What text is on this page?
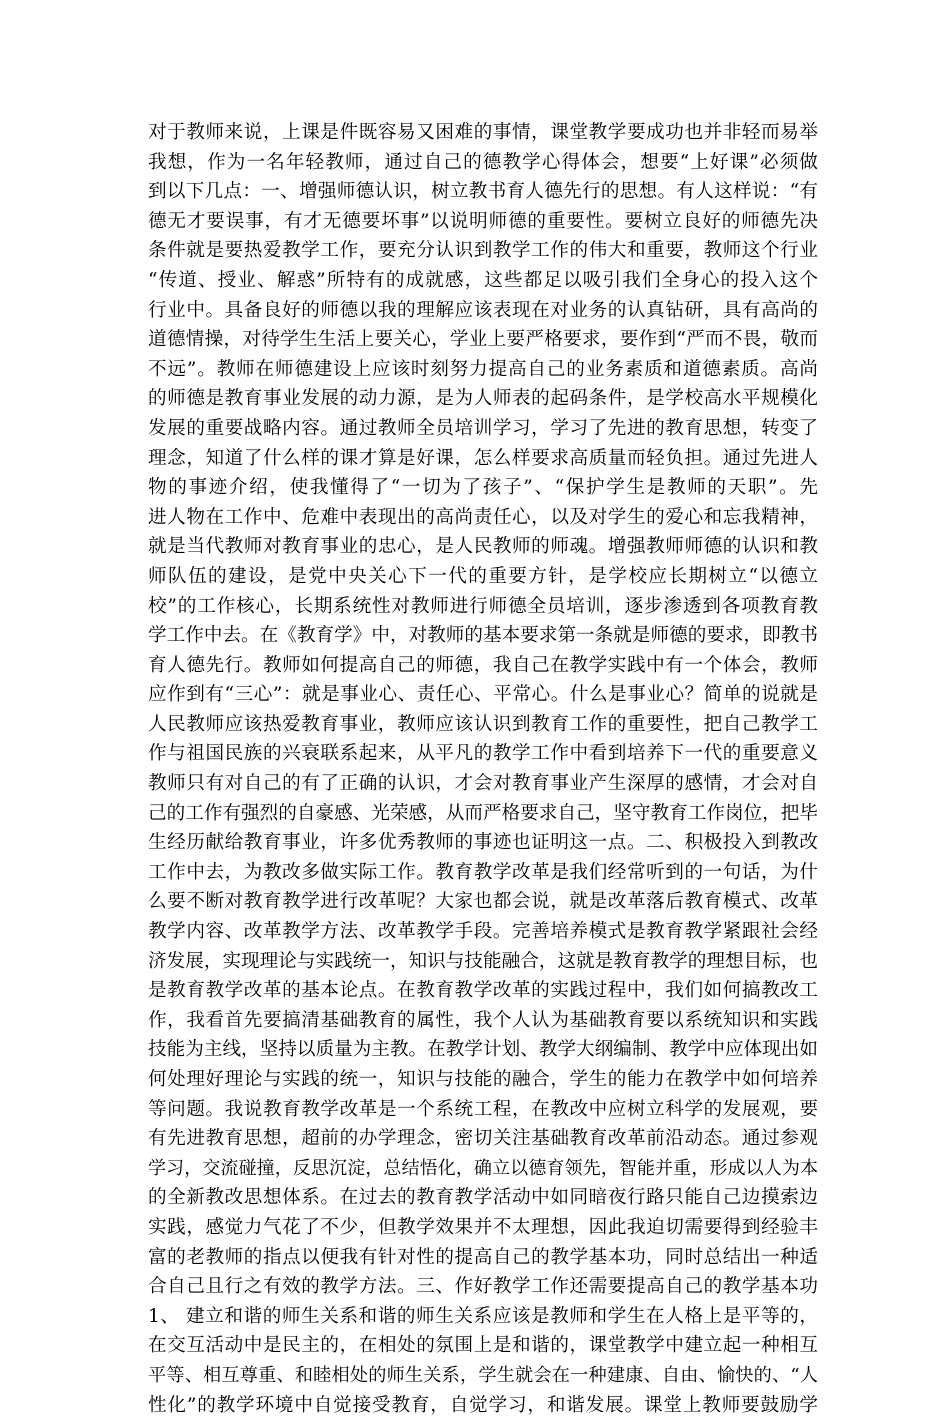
对于教师来说，上课是件既容易又困难的事情，课堂教学要成功也并非轻而易举
我想，作为一名年轻教师，通过自己的德教学心得体会，想要“上好课”必须做
到以下几点：一、增强师德认识，树立教书育人德先行的思想。有人这样说：“有
德无才要误事，有才无德要坏事”以说明师德的重要性。要树立良好的师德先决
条件就是要热爱教学工作，要充分认识到教学工作的伟大和重要，教师这个行业
“传道、授业、解惑”所特有的成就感，这些都足以吸引我们全身心的投入这个
行业中。具备良好的师德以我的理解应该表现在对业务的认真钻研，具有高尚的
道德情操，对待学生生活上要关心，学业上要严格要求，要作到“严而不畏，敬而
不远”。教师在师德建设上应该时刻努力提高自己的业务素质和道德素质。高尚
的师德是教育事业发展的动力源，是为人师表的起码条件，是学校高水平规模化
发展的重要战略内容。通过教师全员培训学习，学习了先进的教育思想，转变了
理念，知道了什么样的课才算是好课，怎么样要求高质量而轻负担。通过先进人
物的事迹介绍，使我懂得了“一切为了孩子”、“保护学生是教师的天职”。先
进人物在工作中、危难中表现出的高尚责任心，以及对学生的爱心和忘我精神，
就是当代教师对教育事业的忠心，是人民教师的师魂。增强教师师德的认识和教
师队伍的建设，是党中央关心下一代的重要方针，是学校应长期树立“以德立
校”的工作核心，长期系统性对教师进行师德全员培训，逐步渗透到各项教育教
学工作中去。在《教育学》中，对教师的基本要求第一条就是师德的要求，即教书
育人德先行。教师如何提高自己的师德，我自己在教学实践中有一个体会，教师
应作到有“三心”：就是事业心、责任心、平常心。什么是事业心？简单的说就是
人民教师应该热爱教育事业，教师应该认识到教育工作的重要性，把自己教学工
作与祖国民族的兴衰联系起来，从平凡的教学工作中看到培养下一代的重要意义
教师只有对自己的有了正确的认识，才会对教育事业产生深厚的感情，才会对自
己的工作有强烈的自豪感、光荣感，从而严格要求自己，坚守教育工作岗位，把毕
生经历献给教育事业，许多优秀教师的事迹也证明这一点。二、积极投入到教改
工作中去，为教改多做实际工作。教育教学改革是我们经常听到的一句话，为什
么要不断对教育教学进行改革呢？大家也都会说，就是改革落后教育模式、改革
教学内容、改革教学方法、改革教学手段。完善培养模式是教育教学紧跟社会经
济发展，实现理论与实践统一，知识与技能融合，这就是教育教学的理想目标，也
是教育教学改革的基本论点。在教育教学改革的实践过程中，我们如何搞教改工
作，我看首先要搞清基础教育的属性，我个人认为基础教育要以系统知识和实践
技能为主线，坚持以质量为主教。在教学计划、教学大纲编制、教学中应体现出如
何处理好理论与实践的统一，知识与技能的融合，学生的能力在教学中如何培养
等问题。我说教育教学改革是一个系统工程，在教改中应树立科学的发展观，要
有先进教育思想，超前的办学理念，密切关注基础教育改革前沿动态。通过参观
学习，交流碰撞，反思沉淀，总结悟化，确立以德育领先，智能并重，形成以人为本
的全新教改思想体系。在过去的教育教学活动中如同暗夜行路只能自己边摸索边
实践，感觉力气花了不少，但教学效果并不太理想，因此我迫切需要得到经验丰
富的老教师的指点以便我有针对性的提高自己的教学基本功，同时总结出一种适
合自己且行之有效的教学方法。三、作好教学工作还需要提高自己的教学基本功
1、 建立和谐的师生关系和谐的师生关系应该是教师和学生在人格上是平等的，
在交互活动中是民主的，在相处的氛围上是和谐的，课堂教学中建立起一种相互
平等、相互尊重、和睦相处的师生关系，学生就会在一种建康、自由、愉快的、“人
性化”的教学环境中自觉接受教育，自觉学习，和谐发展。课堂上教师要鼓励学
